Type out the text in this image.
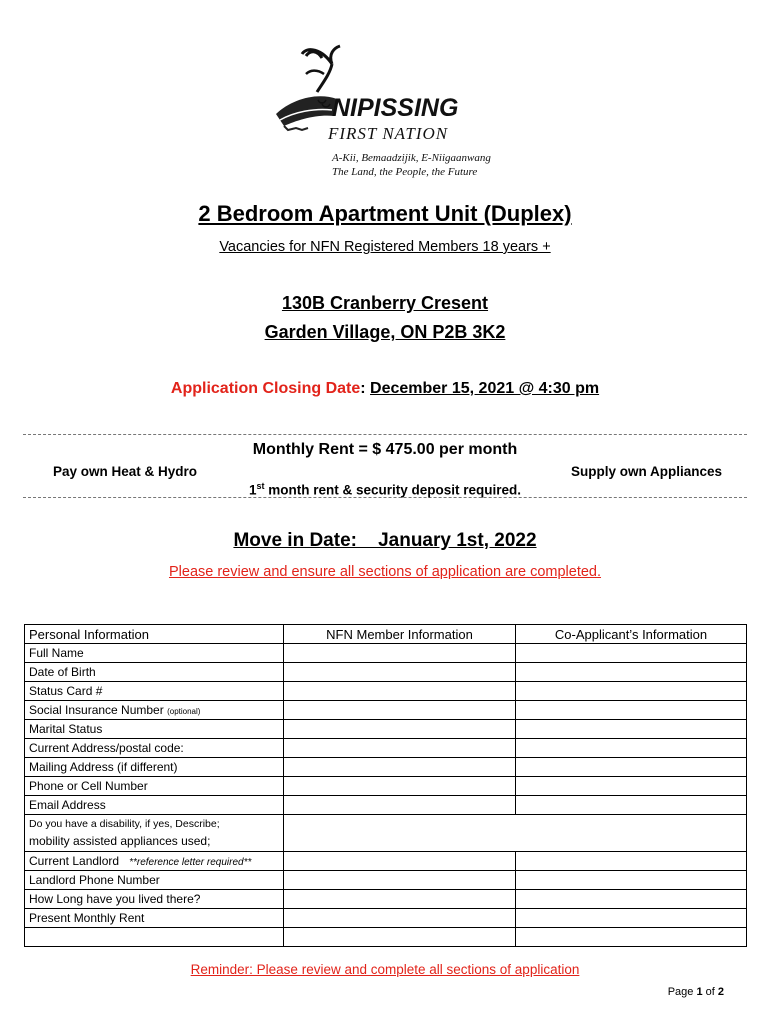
NIPISSING
FIRST NATION
A-Kii, Bemaadzijik, E-Niigaanwang
The Land, the People, the Future
2 Bedroom Apartment Unit (Duplex)
Vacancies for NFN Registered Members 18 years +
130B Cranberry Cresent
Garden Village, ON P2B 3K2
Application Closing Date: December 15, 2021 @ 4:30 pm
Monthly Rent = $ 475.00 per month
Pay own Heat & Hydro	Supply own Appliances
1st month rent & security deposit required.
Move in Date:    January 1st, 2022
Please review and ensure all sections of application are completed.
Personal Information	NFN Member Information	Co-Applicant’s Information
Full Name		
Date of Birth		
Status Card #		
Social Insurance Number (optional)		
Marital Status		
Current Address/postal code:		
Mailing Address (if different)		
Phone or Cell Number		
Email Address		

Do you have a disability, if yes, Describe;
mobility assisted appliances used;		

Current Landlord **reference letter required**		
Landlord Phone Number		
How Long have you lived there?		
Present Monthly Rent		

Reminder: Please review and complete all sections of application
Page 1 of 2
